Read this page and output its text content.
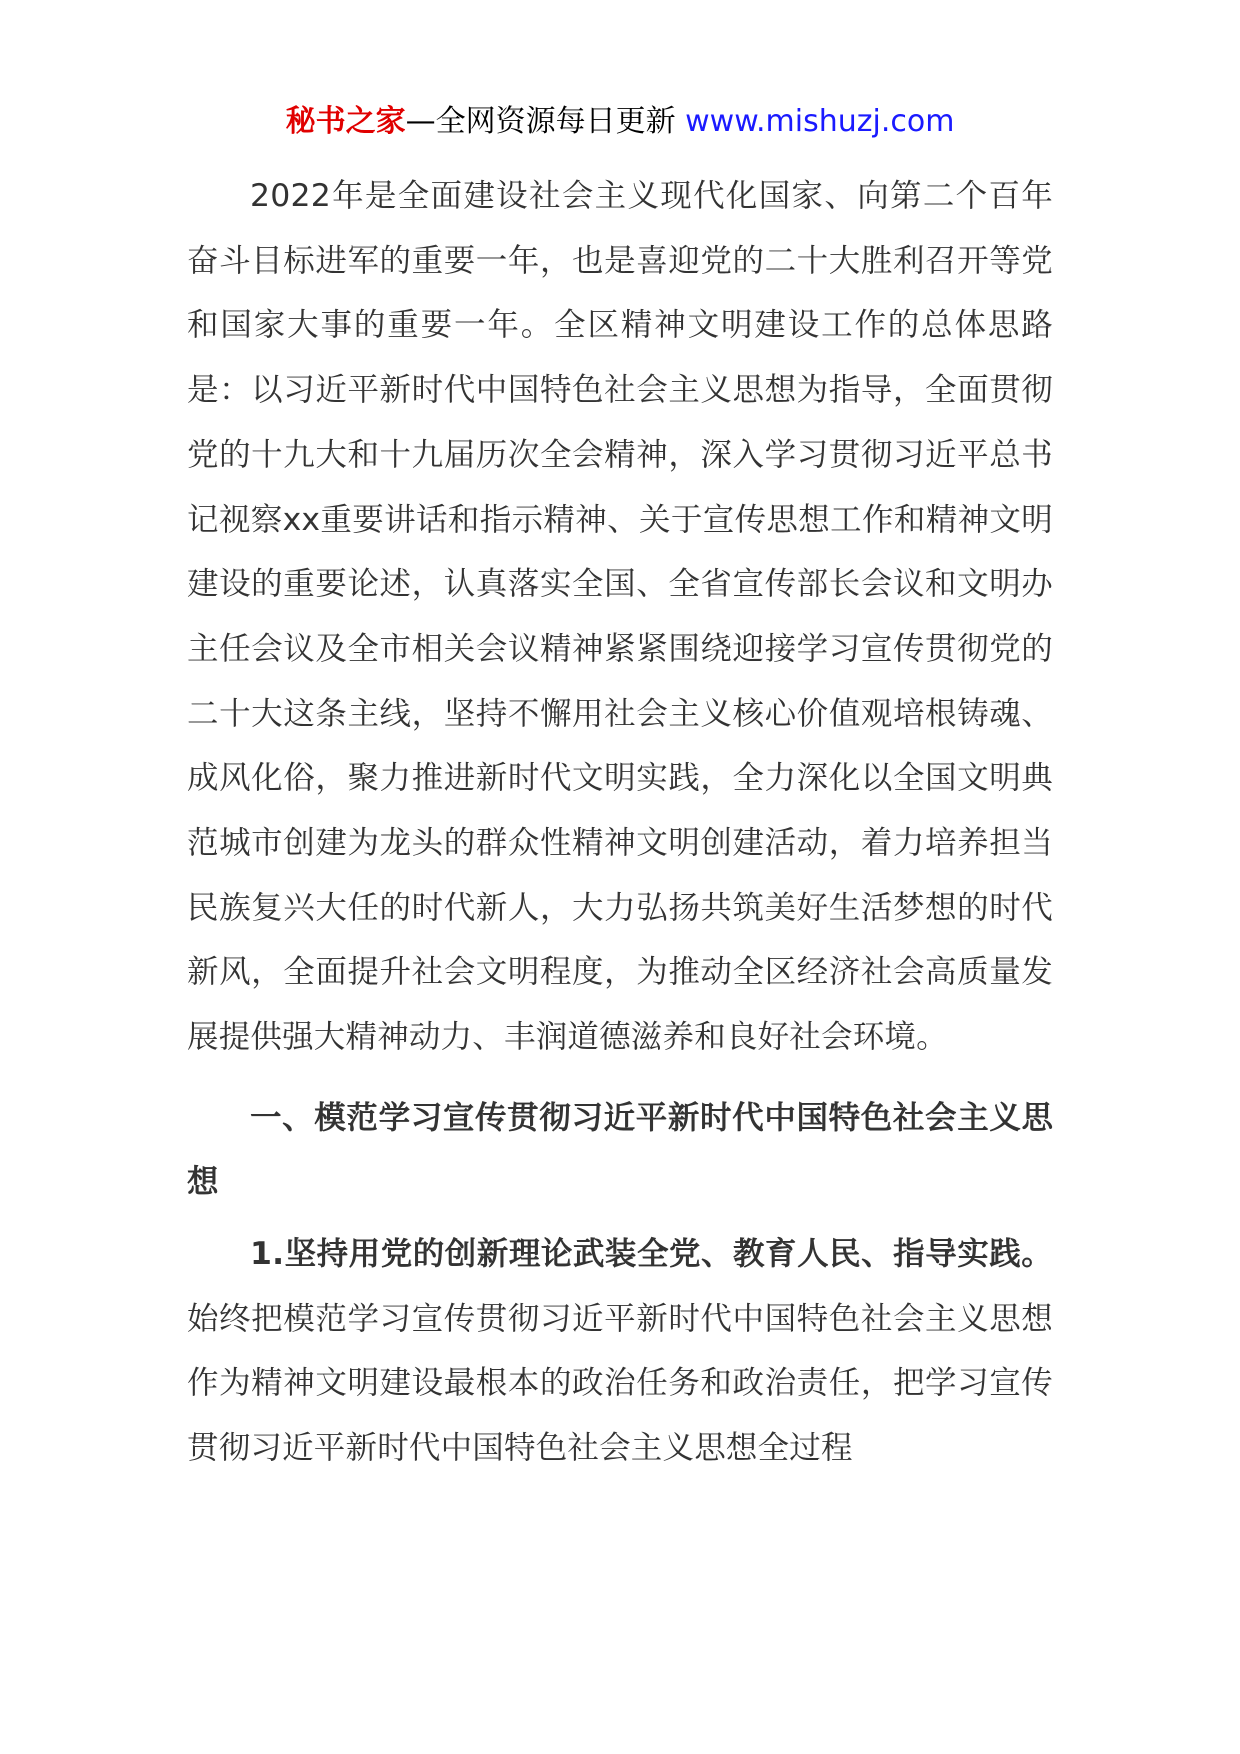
秘书之家—全网资源每日更新 www.mishuzj.com

2022年是全面建设社会主义现代化国家、向第二个百年奋斗目标进军的重要一年，也是喜迎党的二十大胜利召开等党和国家大事的重要一年。全区精神文明建设工作的总体思路是：以习近平新时代中国特色社会主义思想为指导，全面贯彻党的十九大和十九届历次全会精神，深入学习贯彻习近平总书记视察xx重要讲话和指示精神、关于宣传思想工作和精神文明建设的重要论述，认真落实全国、全省宣传部长会议和文明办主任会议及全市相关会议精神紧紧围绕迎接学习宣传贯彻党的二十大这条主线，坚持不懈用社会主义核心价值观培根铸魂、成风化俗，聚力推进新时代文明实践，全力深化以全国文明典范城市创建为龙头的群众性精神文明创建活动，着力培养担当民族复兴大任的时代新人，大力弘扬共筑美好生活梦想的时代新风，全面提升社会文明程度，为推动全区经济社会高质量发展提供强大精神动力、丰润道德滋养和良好社会环境。

一、模范学习宣传贯彻习近平新时代中国特色社会主义思想

1.坚持用党的创新理论武装全党、教育人民、指导实践。始终把模范学习宣传贯彻习近平新时代中国特色社会主义思想作为精神文明建设最根本的政治任务和政治责任，把学习宣传贯彻习近平新时代中国特色社会主义思想全过程
